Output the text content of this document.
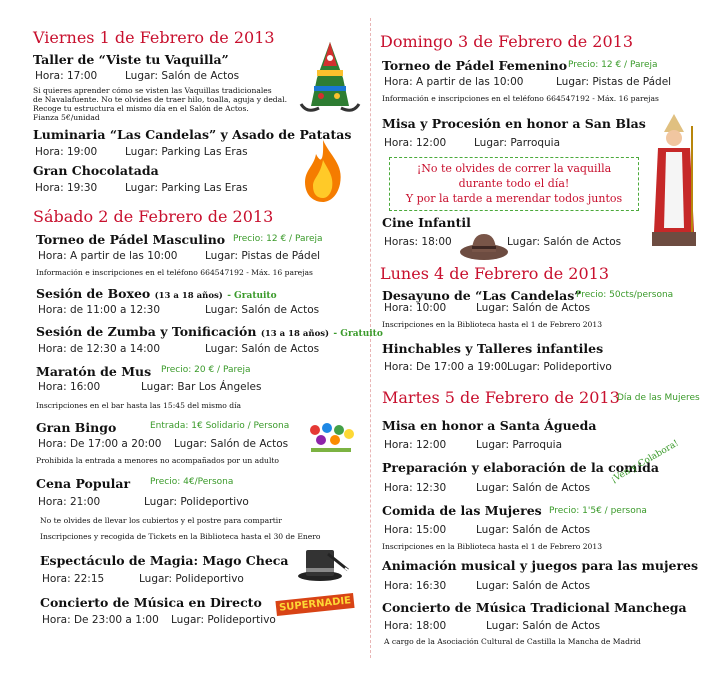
Viernes 1 de Febrero de 2013
Taller de “Viste tu Vaquilla”
Hora: 17:00	Lugar: Salón de Actos
Si quieres aprender cómo se visten las Vaquillas tradicionales
de Navalafuente. No te olvides de traer hilo, toalla, aguja y dedal.
Recoge tu estructura el mismo día en el Salón de Actos.
Fianza 5€/unidad
Luminaria “Las Candelas” y Asado de Patatas
Hora: 19:00	Lugar: Parking Las Eras
Gran Chocolatada
Hora: 19:30	Lugar: Parking Las Eras
Sábado 2 de Febrero de 2013
Torneo de Pádel Masculino Precio: 12 € / Pareja
Hora: A partir de las 10:00	Lugar: Pistas de Pádel
Información e inscripciones en el teléfono 664547192 - Máx. 16 parejas
Sesión de Boxeo (13 a 18 años) - Gratuito
Hora: de 11:00 a 12:30	Lugar: Salón de Actos
Sesión de Zumba y Tonificación (13 a 18 años) - Gratuito
Hora: de 12:30 a 14:00	Lugar: Salón de Actos
Maratón de Mus Precio: 20 € / Pareja
Hora: 16:00	Lugar: Bar Los Ángeles
Inscripciones en el bar hasta las 15:45 del mismo día
Gran Bingo	Entrada: 1€ Solidario / Persona
Hora: De 17:00 a 20:00 Lugar: Salón de Actos
Prohibida la entrada a menores no acompañados por un adulto
Cena Popular Precio: 4€/Persona
Hora: 21:00	Lugar: Polideportivo
No te olvides de llevar los cubiertos y el postre para compartir
Inscripciones y recogida de Tickets en la Biblioteca hasta el 30 de Enero
Espectáculo de Magia: Mago Checa
Hora: 22:15	Lugar: Polideportivo
Concierto de Música en Directo
Hora: De 23:00 a 1:00 Lugar: Polideportivo
SUPERNADIE
Domingo 3 de Febrero de 2013
Torneo de Pádel Femenino Precio: 12 € / Pareja
Hora: A partir de las 10:00	Lugar: Pistas de Pádel
Información e inscripciones en el teléfono 664547192 - Máx. 16 parejas
Misa y Procesión en honor a San Blas
Hora: 12:00	Lugar: Parroquia
¡No te olvides de correr la vaquilla
durante todo el día!
Y por la tarde a merendar todos juntos
Cine Infantil
Horas: 18:00	Lugar: Salón de Actos
Lunes 4 de Febrero de 2013
Desayuno de “Las Candelas”
Precio: 50cts/persona
Hora: 10:00	Lugar: Salón de Actos
Inscripciones en la Biblioteca hasta el 1 de Febrero 2013
Hinchables y Talleres infantiles
Hora: De 17:00 a 19:00 Lugar: Polideportivo
Martes 5 de Febrero de 2013
Día de las Mujeres
Misa en honor a Santa Águeda
Hora: 12:00	Lugar: Parroquia
Preparación y elaboración de la comida
Hora: 12:30	Lugar: Salón de Actos
¡Ven y Colabora!
Comida de las Mujeres Precio: 1'5€ / persona
Hora: 15:00	Lugar: Salón de Actos
Inscripciones en la Biblioteca hasta el 1 de Febrero 2013
Animación musical y juegos para las mujeres
Hora: 16:30	Lugar: Salón de Actos
Concierto de Música Tradicional Manchega
Hora: 18:00	Lugar: Salón de Actos
A cargo de la Asociación Cultural de Castilla la Mancha de Madrid
